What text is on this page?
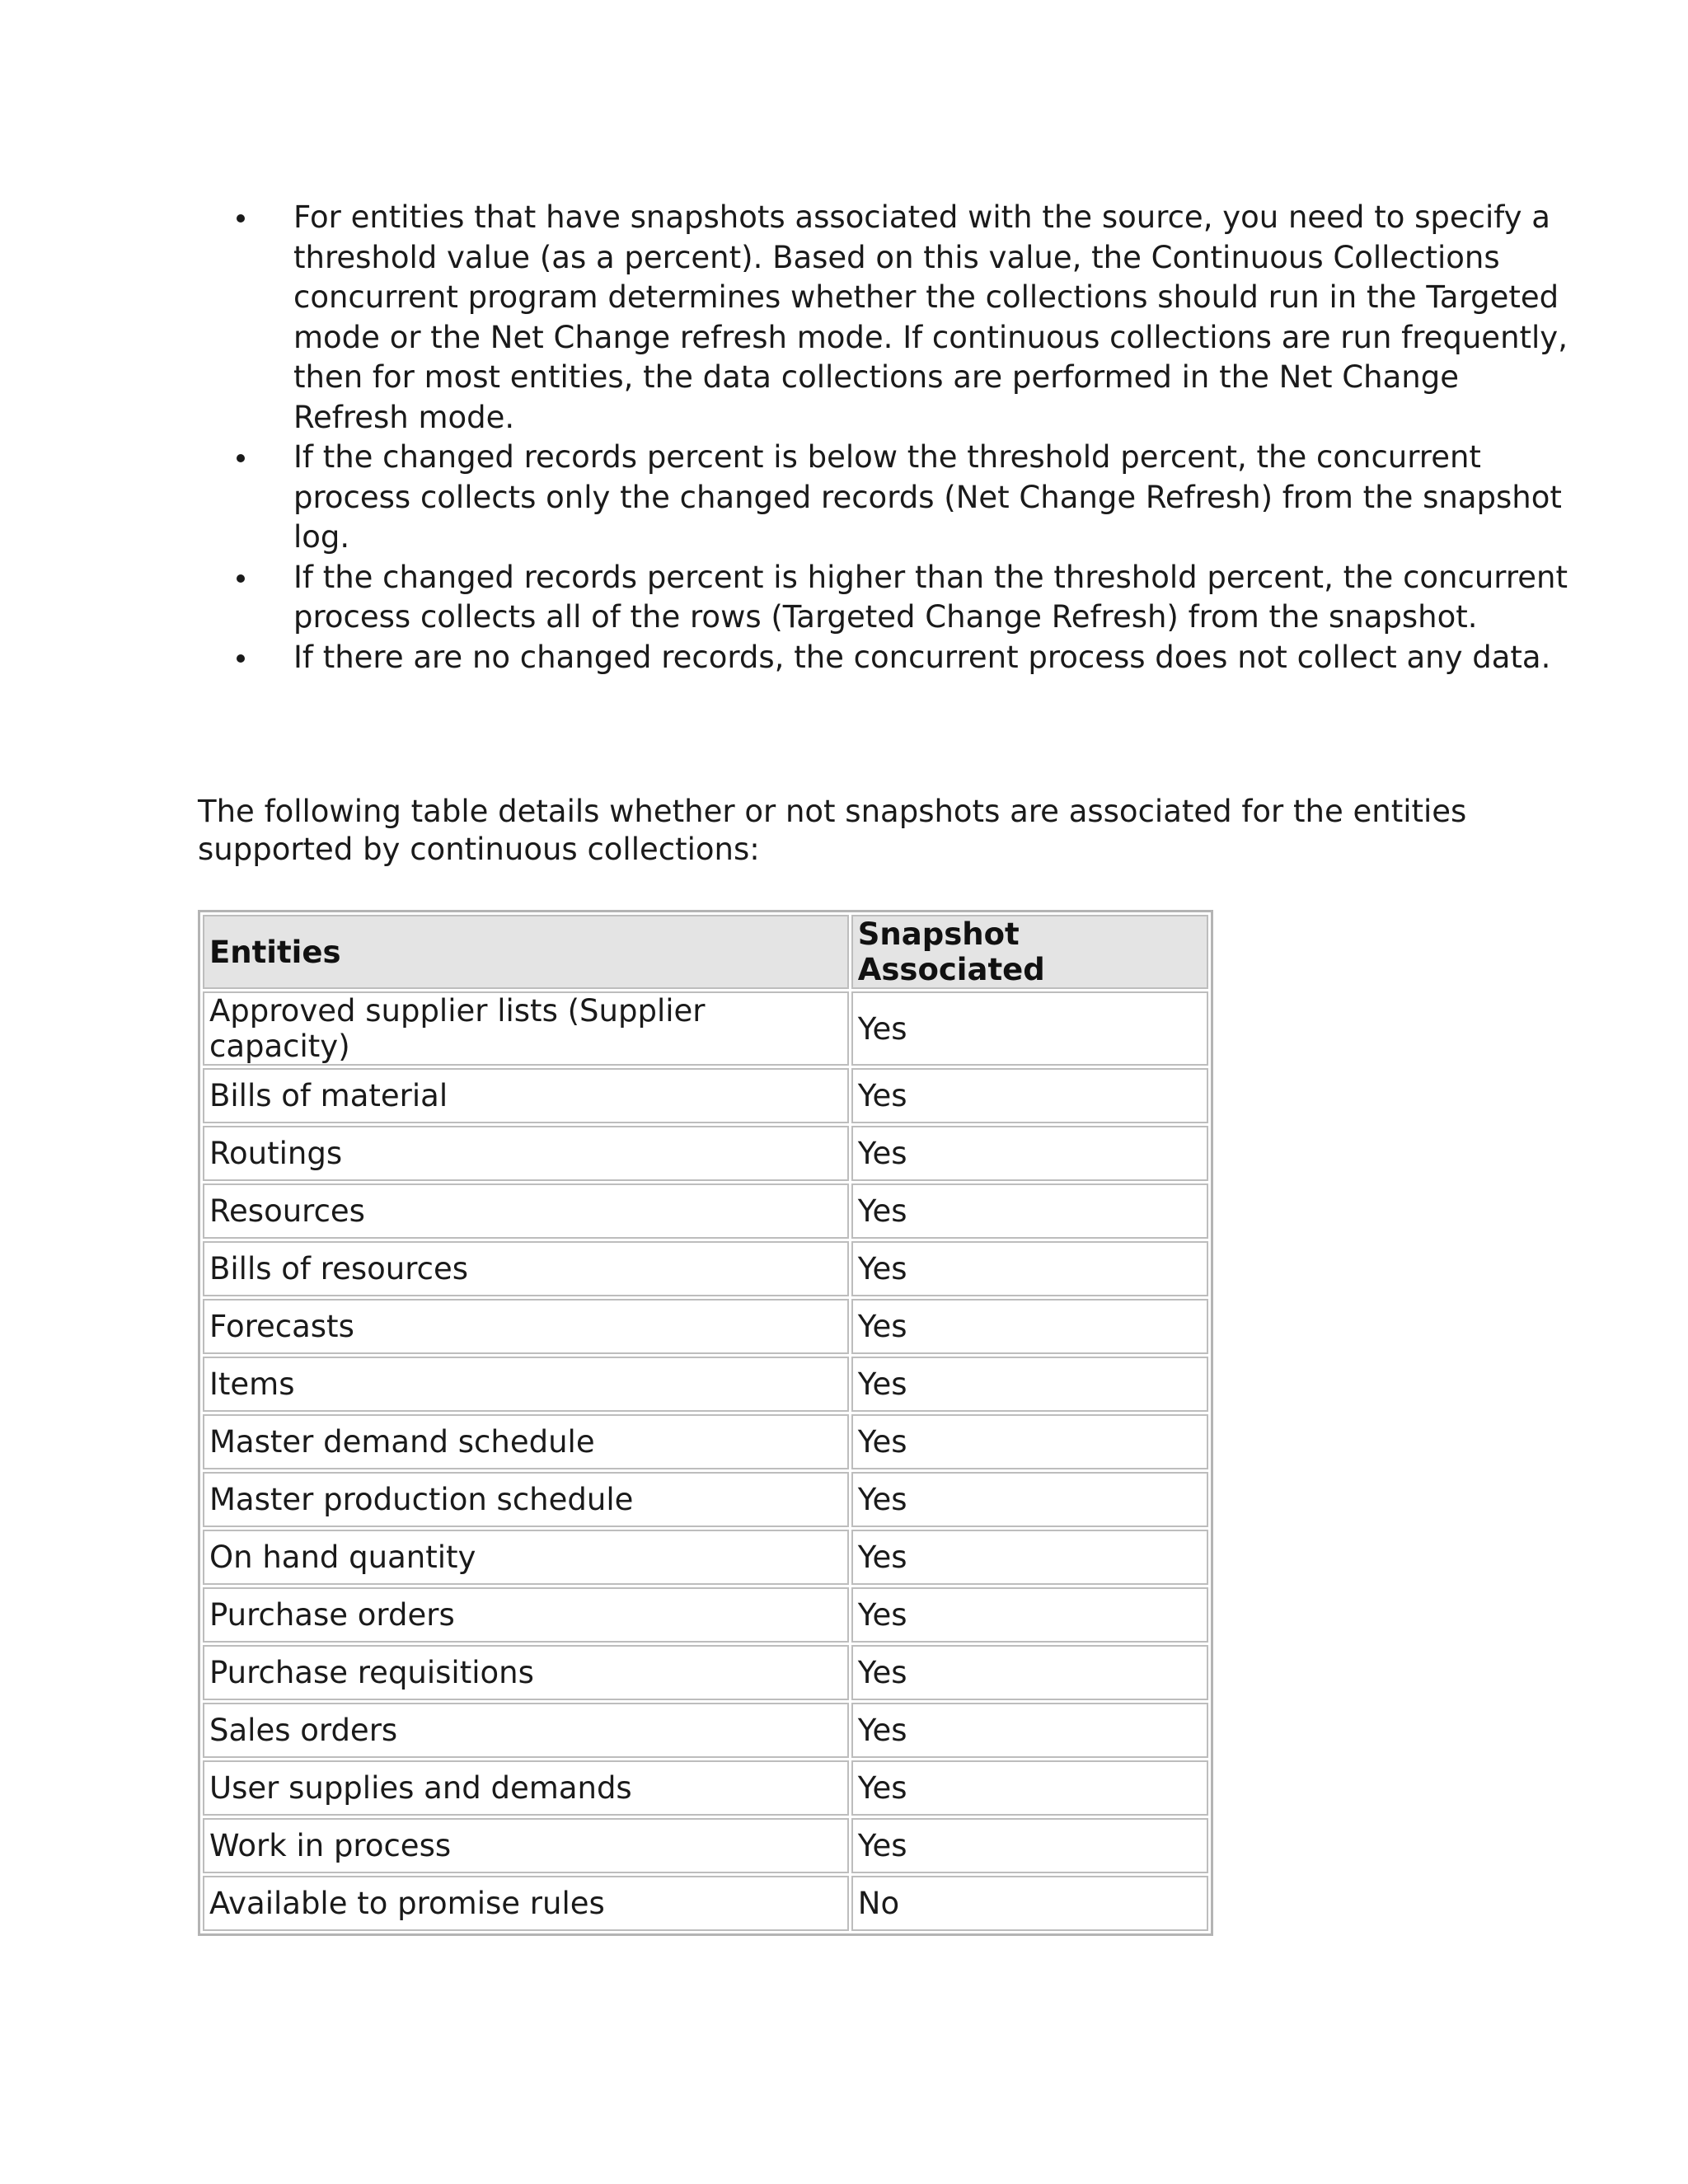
For entities that have snapshots associated with the source, you need to specify a threshold value (as a percent). Based on this value, the Continuous Collections concurrent program determines whether the collections should run in the Targeted mode or the Net Change refresh mode. If continuous collections are run frequently, then for most entities, the data collections are performed in the Net Change Refresh mode.
If the changed records percent is below the threshold percent, the concurrent process collects only the changed records (Net Change Refresh) from the snapshot log.
If the changed records percent is higher than the threshold percent, the concurrent process collects all of the rows (Targeted Change Refresh) from the snapshot.
If there are no changed records, the concurrent process does not collect any data.

The following table details whether or not snapshots are associated for the entities supported by continuous collections:

Entities	Snapshot Associated
Approved supplier lists (Supplier capacity)	Yes
Bills of material	Yes
Routings	Yes
Resources	Yes
Bills of resources	Yes
Forecasts	Yes
Items	Yes
Master demand schedule	Yes
Master production schedule	Yes
On hand quantity	Yes
Purchase orders	Yes
Purchase requisitions	Yes
Sales orders	Yes
User supplies and demands	Yes
Work in process	Yes
Available to promise rules	No
